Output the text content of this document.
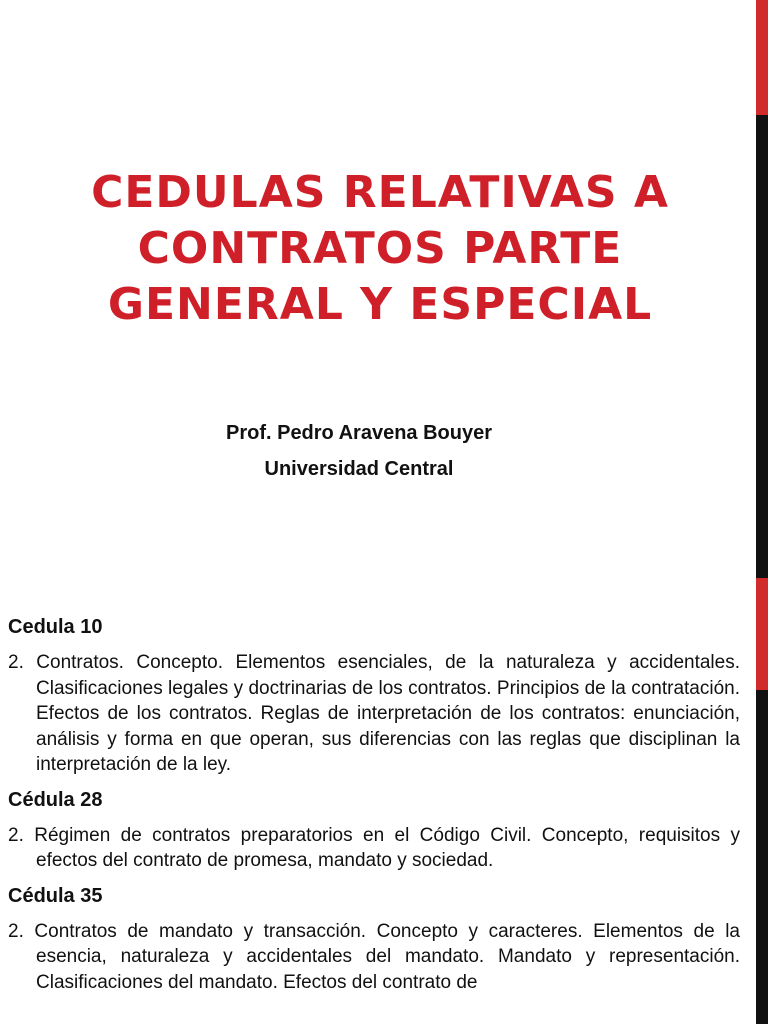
CEDULAS RELATIVAS A
CONTRATOS PARTE
GENERAL Y ESPECIAL
Prof. Pedro Aravena Bouyer
Universidad Central

Cedula 10

2. Contratos. Concepto. Elementos esenciales, de la naturaleza y accidentales. Clasificaciones legales y doctrinarias de los contratos. Principios de la contratación. Efectos de los contratos. Reglas de interpretación de los contratos: enunciación, análisis y forma en que operan, sus diferencias con las reglas que disciplinan la interpretación de la ley.

Cédula 28

2. Régimen de contratos preparatorios en el Código Civil. Concepto, requisitos y efectos del contrato de promesa, mandato y sociedad.

Cédula 35

2. Contratos de mandato y transacción. Concepto y caracteres. Elementos de la esencia, naturaleza y accidentales del mandato. Mandato y representación. Clasificaciones del mandato. Efectos del contrato de
